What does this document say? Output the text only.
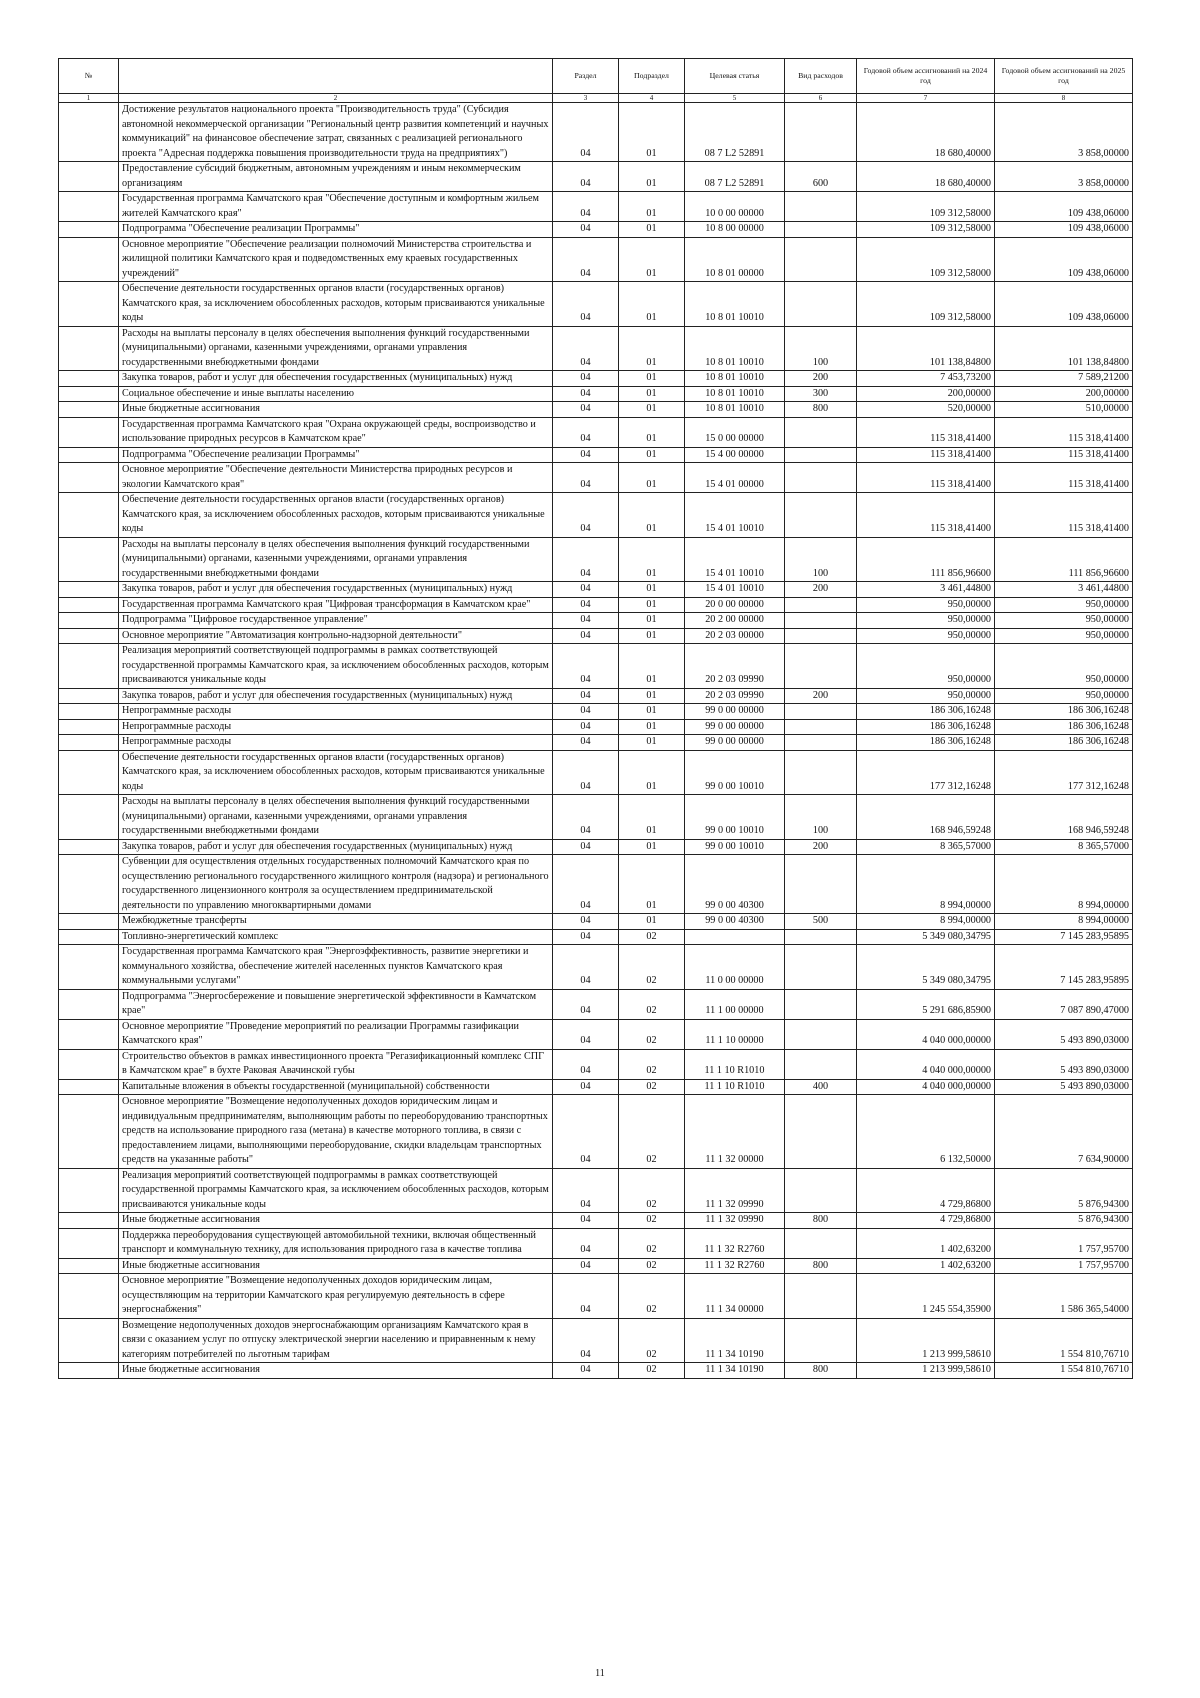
№		Раздел	Подраздел	Целевая статья	Вид расходов	Годовой объем ассигнований на 2024 год	Годовой объем ассигнований на 2025 год
1	2	3	4	5	6	7	8
	Достижение результатов национального проекта "Производительность труда" (Субсидия автономной некоммерческой организации "Региональный центр развития компетенций и научных коммуникаций" на финансовое обеспечение затрат, связанных с реализацией регионального проекта "Адресная поддержка повышения производительности труда на предприятиях")	04	01	08 7 L2 52891		18 680,40000	3 858,00000
	Предоставление субсидий бюджетным, автономным учреждениям и иным некоммерческим организациям	04	01	08 7 L2 52891	600	18 680,40000	3 858,00000
	Государственная программа Камчатского края "Обеспечение доступным и комфортным жильем жителей Камчатского края"	04	01	10 0 00 00000		109 312,58000	109 438,06000
	Подпрограмма "Обеспечение реализации Программы"	04	01	10 8 00 00000		109 312,58000	109 438,06000
	Основное мероприятие "Обеспечение реализации полномочий Министерства строительства и жилищной политики Камчатского края и подведомственных ему краевых государственных учреждений"	04	01	10 8 01 00000		109 312,58000	109 438,06000
	Обеспечение деятельности государственных органов власти (государственных органов) Камчатского края, за исключением обособленных расходов, которым присваиваются уникальные коды	04	01	10 8 01 10010		109 312,58000	109 438,06000
	Расходы на выплаты персоналу в целях обеспечения выполнения функций государственными (муниципальными) органами, казенными учреждениями, органами управления государственными внебюджетными фондами	04	01	10 8 01 10010	100	101 138,84800	101 138,84800
	Закупка товаров, работ и услуг для обеспечения государственных (муниципальных) нужд	04	01	10 8 01 10010	200	7 453,73200	7 589,21200
	Социальное обеспечение и иные выплаты населению	04	01	10 8 01 10010	300	200,00000	200,00000
	Иные бюджетные ассигнования	04	01	10 8 01 10010	800	520,00000	510,00000
	Государственная программа Камчатского края "Охрана окружающей среды, воспроизводство и использование природных ресурсов в Камчатском крае"	04	01	15 0 00 00000		115 318,41400	115 318,41400
	Подпрограмма "Обеспечение реализации Программы"	04	01	15 4 00 00000		115 318,41400	115 318,41400
	Основное мероприятие "Обеспечение деятельности Министерства природных ресурсов и экологии Камчатского края"	04	01	15 4 01 00000		115 318,41400	115 318,41400
	Обеспечение деятельности государственных органов власти (государственных органов) Камчатского края, за исключением обособленных расходов, которым присваиваются уникальные коды	04	01	15 4 01 10010		115 318,41400	115 318,41400
	Расходы на выплаты персоналу в целях обеспечения выполнения функций государственными (муниципальными) органами, казенными учреждениями, органами управления государственными внебюджетными фондами	04	01	15 4 01 10010	100	111 856,96600	111 856,96600
	Закупка товаров, работ и услуг для обеспечения государственных (муниципальных) нужд	04	01	15 4 01 10010	200	3 461,44800	3 461,44800
	Государственная программа Камчатского края "Цифровая трансформация в Камчатском крае"	04	01	20 0 00 00000		950,00000	950,00000
	Подпрограмма "Цифровое государственное управление"	04	01	20 2 00 00000		950,00000	950,00000
	Основное мероприятие "Автоматизация контрольно-надзорной деятельности"	04	01	20 2 03 00000		950,00000	950,00000
	Реализация мероприятий соответствующей подпрограммы в рамках соответствующей государственной программы Камчатского края, за исключением обособленных расходов, которым присваиваются уникальные коды	04	01	20 2 03 09990		950,00000	950,00000
	Закупка товаров, работ и услуг для обеспечения государственных (муниципальных) нужд	04	01	20 2 03 09990	200	950,00000	950,00000
	Непрограммные расходы	04	01	99 0 00 00000		186 306,16248	186 306,16248
	Непрограммные расходы	04	01	99 0 00 00000		186 306,16248	186 306,16248
	Непрограммные расходы	04	01	99 0 00 00000		186 306,16248	186 306,16248
	Обеспечение деятельности государственных органов власти (государственных органов) Камчатского края, за исключением обособленных расходов, которым присваиваются уникальные коды	04	01	99 0 00 10010		177 312,16248	177 312,16248
	Расходы на выплаты персоналу в целях обеспечения выполнения функций государственными (муниципальными) органами, казенными учреждениями, органами управления государственными внебюджетными фондами	04	01	99 0 00 10010	100	168 946,59248	168 946,59248
	Закупка товаров, работ и услуг для обеспечения государственных (муниципальных) нужд	04	01	99 0 00 10010	200	8 365,57000	8 365,57000
	Субвенции для осуществления отдельных государственных полномочий Камчатского края по осуществлению регионального государственного жилищного контроля (надзора) и регионального государственного лицензионного контроля за осуществлением предпринимательской деятельности по управлению многоквартирными домами	04	01	99 0 00 40300		8 994,00000	8 994,00000
	Межбюджетные трансферты	04	01	99 0 00 40300	500	8 994,00000	8 994,00000
	Топливно-энергетический комплекс	04	02			5 349 080,34795	7 145 283,95895
	Государственная программа Камчатского края "Энергоэффективность, развитие энергетики и коммунального хозяйства, обеспечение жителей населенных пунктов Камчатского края коммунальными услугами"	04	02	11 0 00 00000		5 349 080,34795	7 145 283,95895
	Подпрограмма "Энергосбережение и повышение энергетической эффективности в Камчатском крае"	04	02	11 1 00 00000		5 291 686,85900	7 087 890,47000
	Основное мероприятие "Проведение мероприятий по реализации Программы газификации Камчатского края"	04	02	11 1 10 00000		4 040 000,00000	5 493 890,03000
	Строительство объектов в рамках инвестиционного проекта "Регазификационный комплекс СПГ в Камчатском крае" в бухте Раковая Авачинской губы	04	02	11 1 10 R1010		4 040 000,00000	5 493 890,03000
	Капитальные вложения в объекты государственной (муниципальной) собственности	04	02	11 1 10 R1010	400	4 040 000,00000	5 493 890,03000
	Основное мероприятие "Возмещение недополученных доходов юридическим лицам и индивидуальным предпринимателям, выполняющим работы по переоборудованию транспортных средств на использование природного газа (метана) в качестве моторного топлива, в связи с предоставлением лицами, выполняющими переоборудование, скидки владельцам транспортных средств на указанные работы"	04	02	11 1 32 00000		6 132,50000	7 634,90000
	Реализация мероприятий соответствующей подпрограммы в рамках соответствующей государственной программы Камчатского края, за исключением обособленных расходов, которым присваиваются уникальные коды	04	02	11 1 32 09990		4 729,86800	5 876,94300
	Иные бюджетные ассигнования	04	02	11 1 32 09990	800	4 729,86800	5 876,94300
	Поддержка переоборудования существующей автомобильной техники, включая общественный транспорт и коммунальную технику, для использования природного газа в качестве топлива	04	02	11 1 32 R2760		1 402,63200	1 757,95700
	Иные бюджетные ассигнования	04	02	11 1 32 R2760	800	1 402,63200	1 757,95700
	Основное мероприятие "Возмещение недополученных доходов юридическим лицам, осуществляющим на территории Камчатского края регулируемую деятельность в сфере энергоснабжения"	04	02	11 1 34 00000		1 245 554,35900	1 586 365,54000
	Возмещение недополученных доходов энергоснабжающим организациям Камчатского края в связи с оказанием услуг по отпуску электрической энергии населению и приравненным к нему категориям потребителей по льготным тарифам	04	02	11 1 34 10190		1 213 999,58610	1 554 810,76710
	Иные бюджетные ассигнования	04	02	11 1 34 10190	800	1 213 999,58610	1 554 810,76710
11
